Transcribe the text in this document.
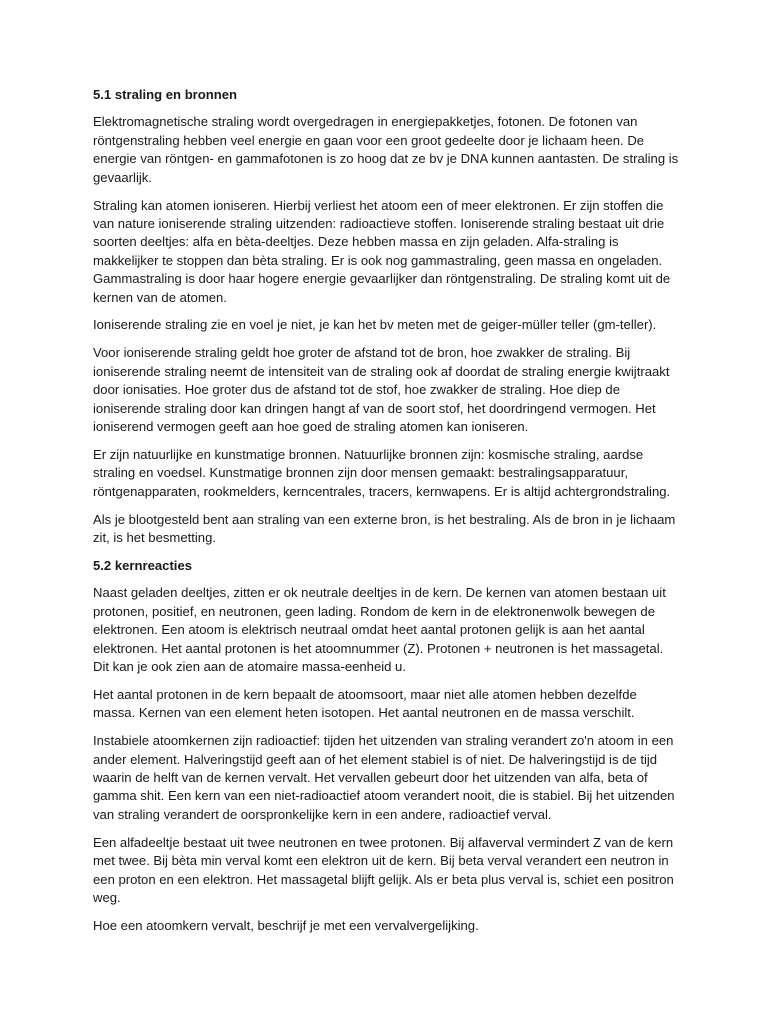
5.1 straling en bronnen

Elektromagnetische straling wordt overgedragen in energiepakketjes, fotonen. De fotonen van röntgenstraling hebben veel energie en gaan voor een groot gedeelte door je lichaam heen. De energie van röntgen- en gammafotonen is zo hoog dat ze bv je DNA kunnen aantasten. De straling is gevaarlijk.

Straling kan atomen ioniseren. Hierbij verliest het atoom een of meer elektronen. Er zijn stoffen die van nature ioniserende straling uitzenden: radioactieve stoffen. Ioniserende straling bestaat uit drie soorten deeltjes: alfa en bèta-deeltjes. Deze hebben massa en zijn geladen. Alfa-straling is makkelijker te stoppen dan bèta straling. Er is ook nog gammastraling, geen massa en ongeladen. Gammastraling is door haar hogere energie gevaarlijker dan röntgenstraling. De straling komt uit de kernen van de atomen.

Ioniserende straling zie en voel je niet, je kan het bv meten met de geiger-müller teller (gm-teller).

Voor ioniserende straling geldt hoe groter de afstand tot de bron, hoe zwakker de straling. Bij ioniserende straling neemt de intensiteit van de straling ook af doordat de straling energie kwijtraakt door ionisaties. Hoe groter dus de afstand tot de stof, hoe zwakker de straling. Hoe diep de ioniserende straling door kan dringen hangt af van de soort stof, het doordringend vermogen. Het ioniserend vermogen geeft aan hoe goed de straling atomen kan ioniseren.

Er zijn natuurlijke en kunstmatige bronnen. Natuurlijke bronnen zijn: kosmische straling, aardse straling en voedsel. Kunstmatige bronnen zijn door mensen gemaakt: bestralingsapparatuur, röntgenapparaten, rookmelders, kerncentrales, tracers, kernwapens. Er is altijd achtergrondstraling.

Als je blootgesteld bent aan straling van een externe bron, is het bestraling. Als de bron in je lichaam zit, is het besmetting.

5.2 kernreacties

Naast geladen deeltjes, zitten er ok neutrale deeltjes in de kern. De kernen van atomen bestaan uit protonen, positief, en neutronen, geen lading. Rondom de kern in de elektronenwolk bewegen de elektronen. Een atoom is elektrisch neutraal omdat heet aantal protonen gelijk is aan het aantal elektronen. Het aantal protonen is het atoomnummer (Z). Protonen + neutronen is het massagetal. Dit kan je ook zien aan de atomaire massa-eenheid u.

Het aantal protonen in de kern bepaalt de atoomsoort, maar niet alle atomen hebben dezelfde massa. Kernen van een element heten isotopen. Het aantal neutronen en de massa verschilt.

Instabiele atoomkernen zijn radioactief: tijden het uitzenden van straling verandert zo'n atoom in een ander element. Halveringstijd geeft aan of het element stabiel is of niet. De halveringstijd is de tijd waarin de helft van de kernen vervalt. Het vervallen gebeurt door het uitzenden van alfa, beta of gamma shit. Een kern van een niet-radioactief atoom verandert nooit, die is stabiel. Bij het uitzenden van straling verandert de oorspronkelijke kern in een andere, radioactief verval.

Een alfadeeltje bestaat uit twee neutronen en twee protonen. Bij alfaverval vermindert Z van de kern met twee. Bij bèta min verval komt een elektron uit de kern. Bij beta verval verandert een neutron in een proton en een elektron. Het massagetal blijft gelijk. Als er beta plus verval is, schiet een positron weg.

Hoe een atoomkern vervalt, beschrijf je met een vervalvergelijking.
